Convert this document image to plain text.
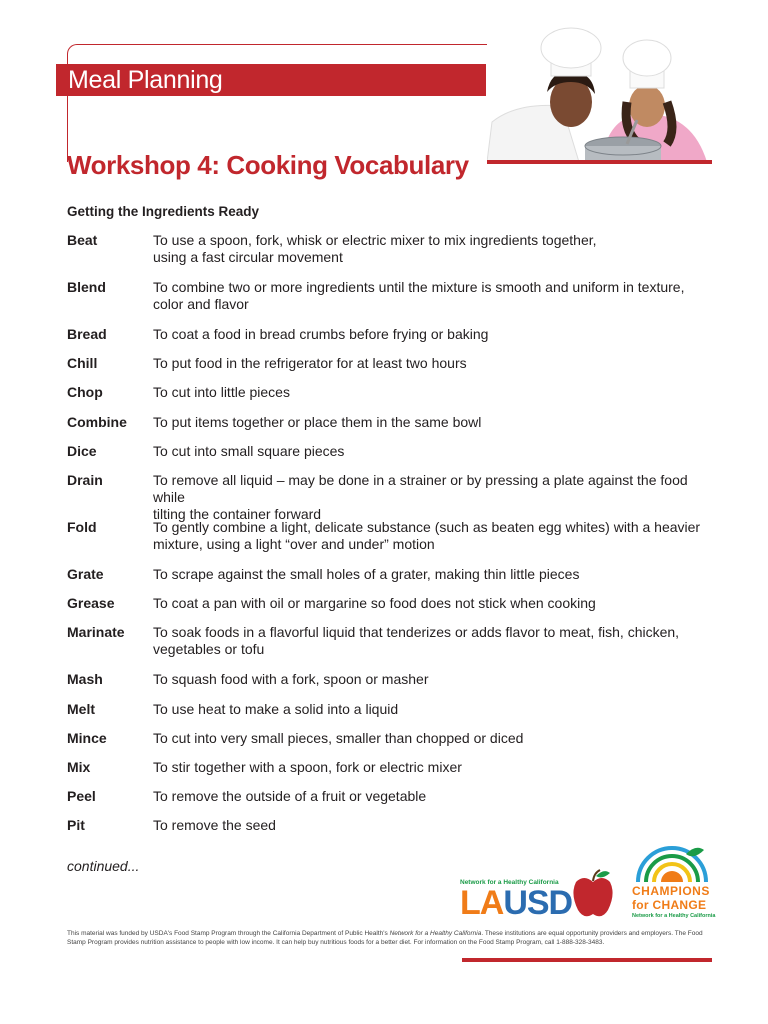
Meal Planning
Workshop 4: Cooking Vocabulary
Getting the Ingredients Ready
Beat	To use a spoon, fork, whisk or electric mixer to mix ingredients together,
using a fast circular movement
Blend	To combine two or more ingredients until the mixture is smooth and uniform in texture,
color and flavor
Bread	To coat a food in bread crumbs before frying or baking
Chill	To put food in the refrigerator for at least two hours
Chop	To cut into little pieces
Combine To put items together or place them in the same bowl
Dice	To cut into small square pieces
Drain	To remove all liquid – may be done in a strainer or by pressing a plate against the food while
tilting the container forward
Fold	To gently combine a light, delicate substance (such as beaten egg whites) with a heavier
mixture, using a light “over and under” motion
Grate	To scrape against the small holes of a grater, making thin little pieces
Grease	To coat a pan with oil or margarine so food does not stick when cooking
Marinate To soak foods in a flavorful liquid that tenderizes or adds flavor to meat, fish, chicken,
vegetables or tofu
Mash	To squash food with a fork, spoon or masher
Melt	To use heat to make a solid into a liquid
Mince	To cut into very small pieces, smaller than chopped or diced
Mix	To stir together with a spoon, fork or electric mixer
Peel	To remove the outside of a fruit or vegetable
Pit	To remove the seed
continued...
Network for a Healthy California
LAUSD	CHAMPIONS
for CHANGE
Network for a Healthy California
This material was funded by USDA's Food Stamp Program through the California Department of Public Health's Network for a Healthy California. These institutions are equal opportunity providers and employers. The Food Stamp Program provides nutrition assistance to people with low income. It can help buy nutritious foods for a better diet. For information on the Food Stamp Program, call 1-888-328-3483.
